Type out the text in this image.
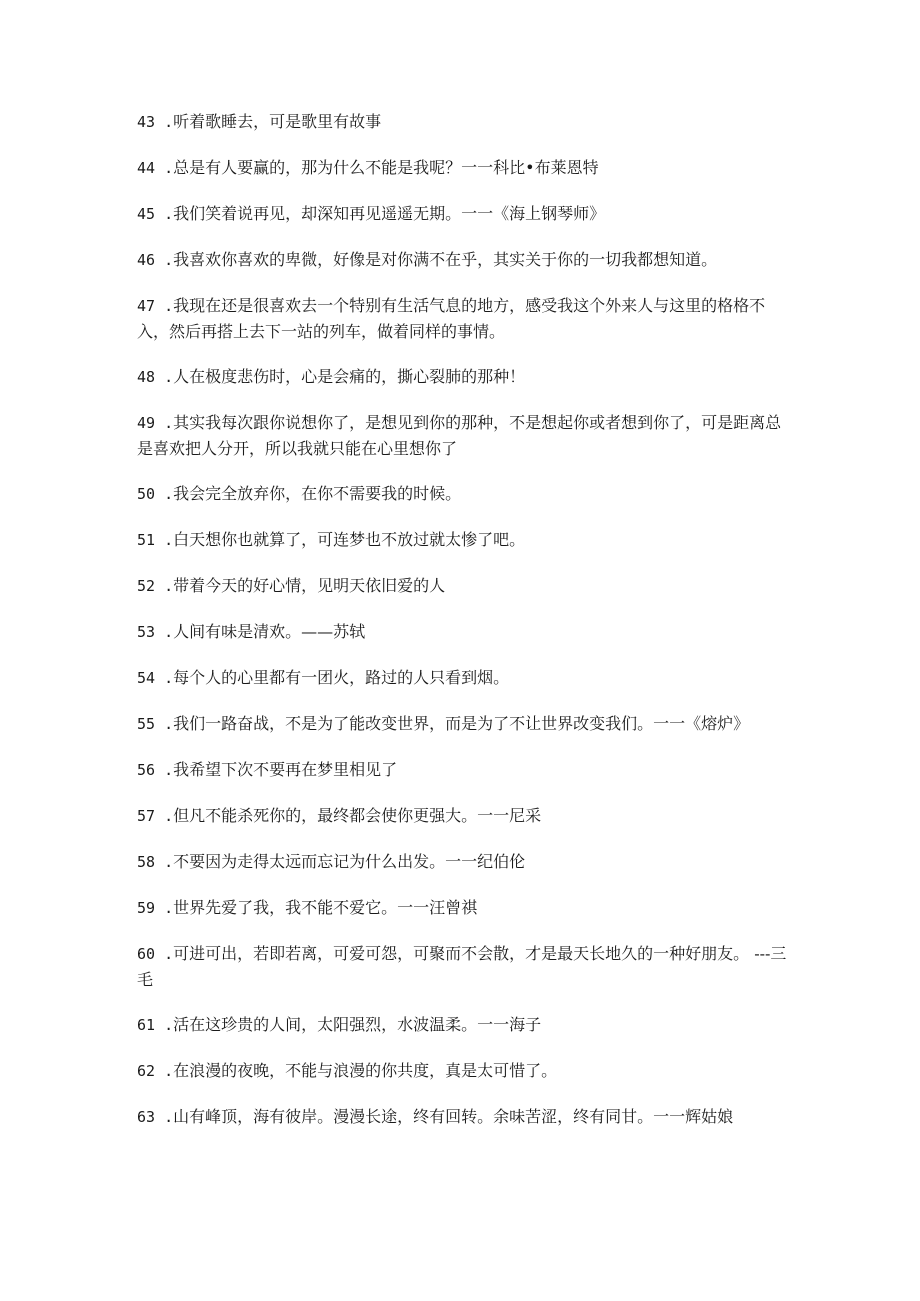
43 .听着歌睡去，可是歌里有故事
44 .总是有人要赢的，那为什么不能是我呢？一一科比•布莱恩特
45 .我们笑着说再见，却深知再见遥遥无期。一一《海上钢琴师》
46 .我喜欢你喜欢的卑微，好像是对你满不在乎，其实关于你的一切我都想知道。
47 .我现在还是很喜欢去一个特别有生活气息的地方，感受我这个外来人与这里的格格不入，然后再搭上去下一站的列车，做着同样的事情。
48 .人在极度悲伤时，心是会痛的，撕心裂肺的那种！
49 .其实我每次跟你说想你了，是想见到你的那种，不是想起你或者想到你了，可是距离总是喜欢把人分开，所以我就只能在心里想你了
50 .我会完全放弃你，在你不需要我的时候。
51 .白天想你也就算了，可连梦也不放过就太惨了吧。
52 .带着今天的好心情，见明天依旧爱的人
53 .人间有味是清欢。——苏轼
54 .每个人的心里都有一团火，路过的人只看到烟。
55 .我们一路奋战，不是为了能改变世界，而是为了不让世界改变我们。一一《熔炉》
56 .我希望下次不要再在梦里相见了
57 .但凡不能杀死你的，最终都会使你更强大。一一尼采
58 .不要因为走得太远而忘记为什么出发。一一纪伯伦
59 .世界先爱了我，我不能不爱它。一一汪曾祺
60 .可进可出，若即若离，可爱可怨，可聚而不会散，才是最天长地久的一种好朋友。 ---三毛
61 .活在这珍贵的人间，太阳强烈，水波温柔。一一海子
62 .在浪漫的夜晚，不能与浪漫的你共度，真是太可惜了。
63 .山有峰顶，海有彼岸。漫漫长途，终有回转。余味苦涩，终有同甘。一一辉姑娘
